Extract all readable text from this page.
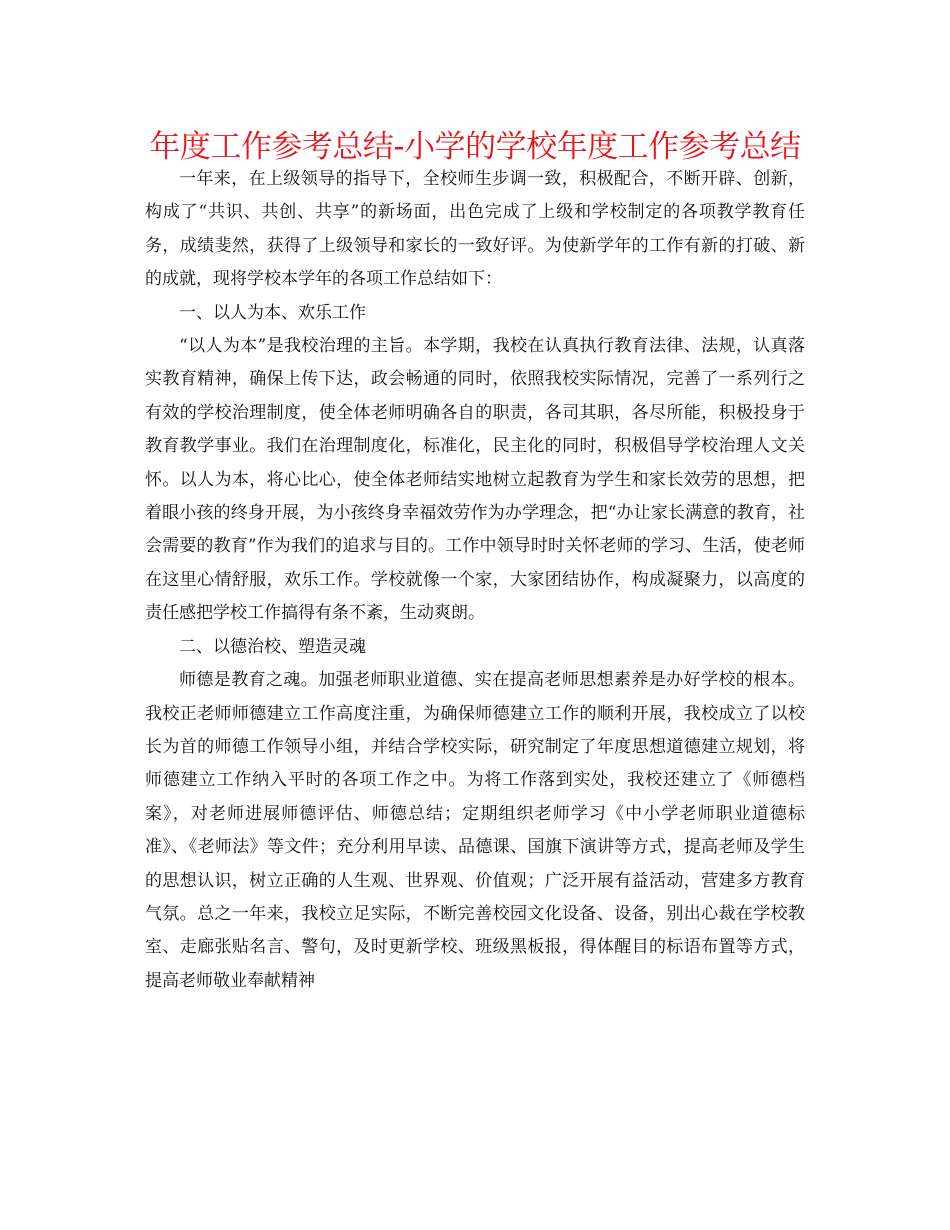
年度工作参考总结-小学的学校年度工作参考总结

一年来，在上级领导的指导下，全校师生步调一致，积极配合，不断开辟、创新，构成了“共识、共创、共享”的新场面，出色完成了上级和学校制定的各项教学教育任务，成绩斐然，获得了上级领导和家长的一致好评。为使新学年的工作有新的打破、新的成就，现将学校本学年的各项工作总结如下：

一、以人为本、欢乐工作

“以人为本”是我校治理的主旨。本学期，我校在认真执行教育法律、法规，认真落实教育精神，确保上传下达，政会畅通的同时，依照我校实际情况，完善了一系列行之有效的学校治理制度，使全体老师明确各自的职责，各司其职，各尽所能，积极投身于教育教学事业。我们在治理制度化，标准化，民主化的同时，积极倡导学校治理人文关怀。以人为本，将心比心，使全体老师结实地树立起教育为学生和家长效劳的思想，把着眼小孩的终身开展，为小孩终身幸福效劳作为办学理念，把“办让家长满意的教育，社会需要的教育”作为我们的追求与目的。工作中领导时时关怀老师的学习、生活，使老师在这里心情舒服，欢乐工作。学校就像一个家，大家团结协作，构成凝聚力，以高度的责任感把学校工作搞得有条不紊，生动爽朗。

二、以德治校、塑造灵魂

师德是教育之魂。加强老师职业道德、实在提高老师思想素养是办好学校的根本。我校正老师师德建立工作高度注重，为确保师德建立工作的顺利开展，我校成立了以校长为首的师德工作领导小组，并结合学校实际，研究制定了年度思想道德建立规划，将师德建立工作纳入平时的各项工作之中。为将工作落到实处，我校还建立了《师德档案》，对老师进展师德评估、师德总结；定期组织老师学习《中小学老师职业道德标准》、《老师法》等文件；充分利用早读、品德课、国旗下演讲等方式，提高老师及学生的思想认识，树立正确的人生观、世界观、价值观；广泛开展有益活动，营建多方教育气氛。总之一年来，我校立足实际，不断完善校园文化设备、设备，别出心裁在学校教室、走廊张贴名言、警句，及时更新学校、班级黑板报，得体醒目的标语布置等方式，提高老师敬业奉献精神
